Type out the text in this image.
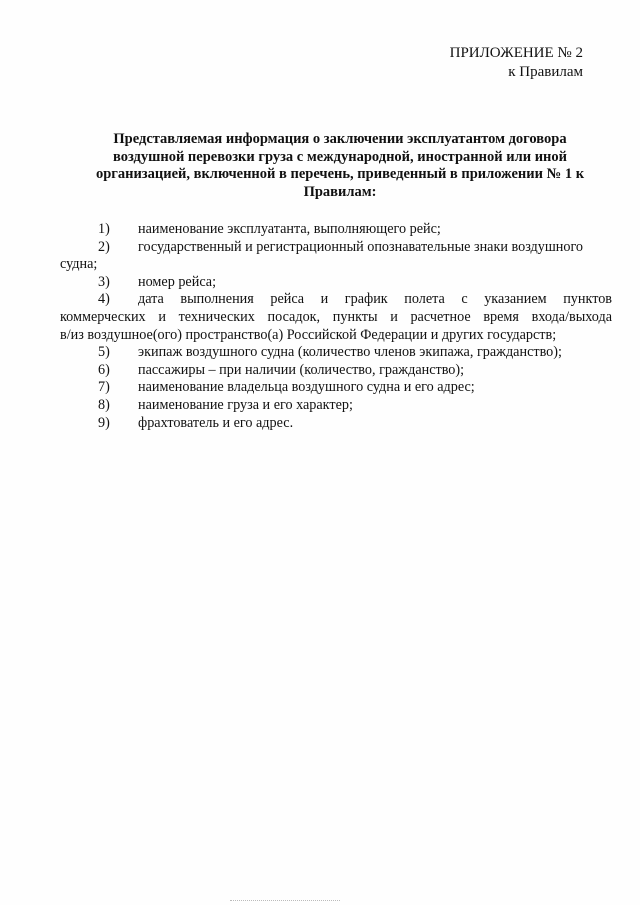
ПРИЛОЖЕНИЕ № 2
к Правилам
Представляемая информация о заключении эксплуатантом договора
воздушной перевозки груза с международной, иностранной или иной
организацией, включенной в перечень, приведенный в приложении № 1 к
Правилам:
1) наименование эксплуатанта, выполняющего рейс;
2) государственный и регистрационный опознавательные знаки воздушного
судна;
3) номер рейса;
4) дата выполнения рейса и график полета с указанием пунктов
коммерческих и технических посадок, пункты и расчетное время входа/выхода
в/из воздушное(ого) пространство(а) Российской Федерации и других государств;
5) экипаж воздушного судна (количество членов экипажа, гражданство);
6) пассажиры – при наличии (количество, гражданство);
7) наименование владельца воздушного судна и его адрес;
8) наименование груза и его характер;
9) фрахтователь и его адрес.
